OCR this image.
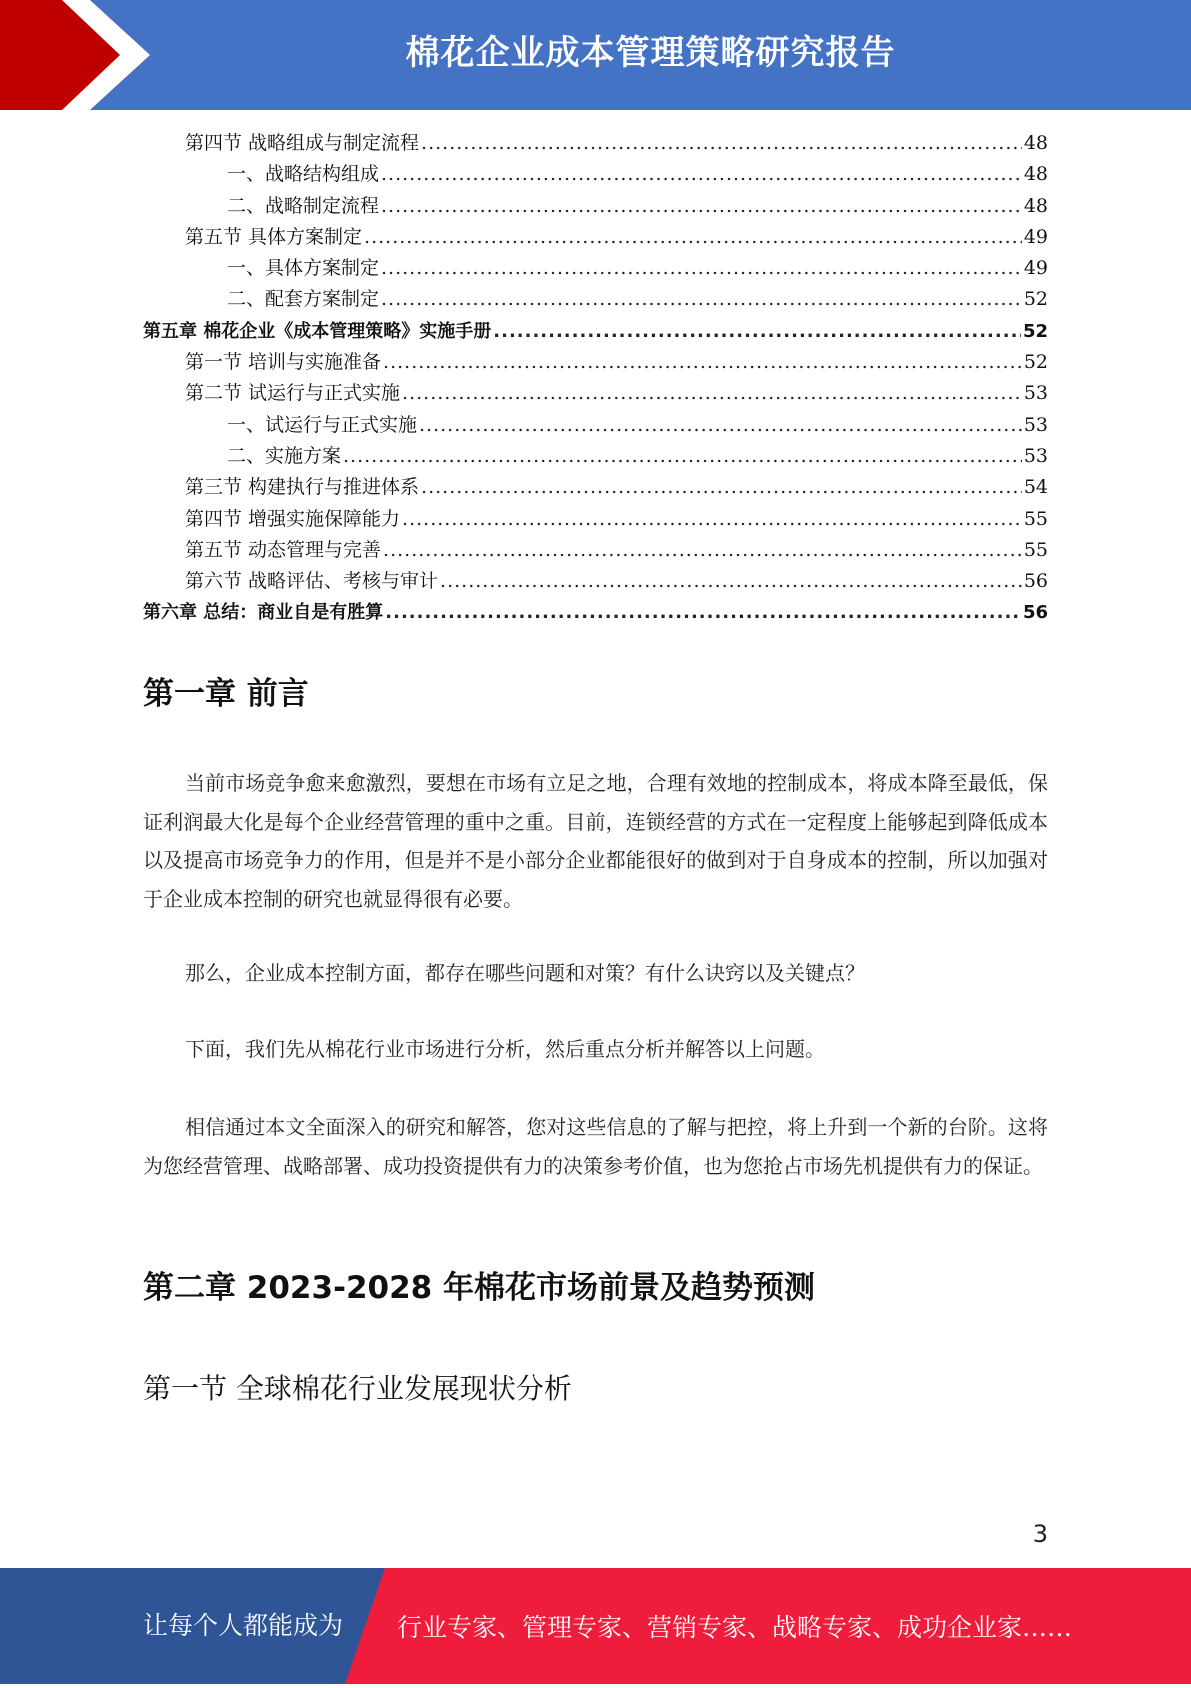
棉花企业成本管理策略研究报告
第四节 战略组成与制定流程 .....	48
一、战略结构组成 .....	48
二、战略制定流程 .....	48
第五节 具体方案制定 .....	49
一、具体方案制定 .....	49
二、配套方案制定 .....	52
第五章 棉花企业《成本管理策略》实施手册 .....	52
第一节 培训与实施准备 .....	52
第二节 试运行与正式实施 .....	53
一、试运行与正式实施 .....	53
二、实施方案 .....	53
第三节 构建执行与推进体系 .....	54
第四节 增强实施保障能力 .....	55
第五节 动态管理与完善 .....	55
第六节 战略评估、考核与审计 .....	56
第六章 总结：商业自是有胜算 .....	56
第一章 前言
当前市场竞争愈来愈激烈，要想在市场有立足之地，合理有效地的控制成本，将成本降至最低，保证利润最大化是每个企业经营管理的重中之重。目前，连锁经营的方式在一定程度上能够起到降低成本以及提高市场竞争力的作用，但是并不是小部分企业都能很好的做到对于自身成本的控制，所以加强对于企业成本控制的研究也就显得很有必要。
那么，企业成本控制方面，都存在哪些问题和对策？有什么诀窍以及关键点？
下面，我们先从棉花行业市场进行分析，然后重点分析并解答以上问题。
相信通过本文全面深入的研究和解答，您对这些信息的了解与把控，将上升到一个新的台阶。这将为您经营管理、战略部署、成功投资提供有力的决策参考价值，也为您抢占市场先机提供有力的保证。
第二章 2023-2028 年棉花市场前景及趋势预测
第一节 全球棉花行业发展现状分析
3
让每个人都能成为 行业专家、管理专家、营销专家、战略专家、成功企业家……
